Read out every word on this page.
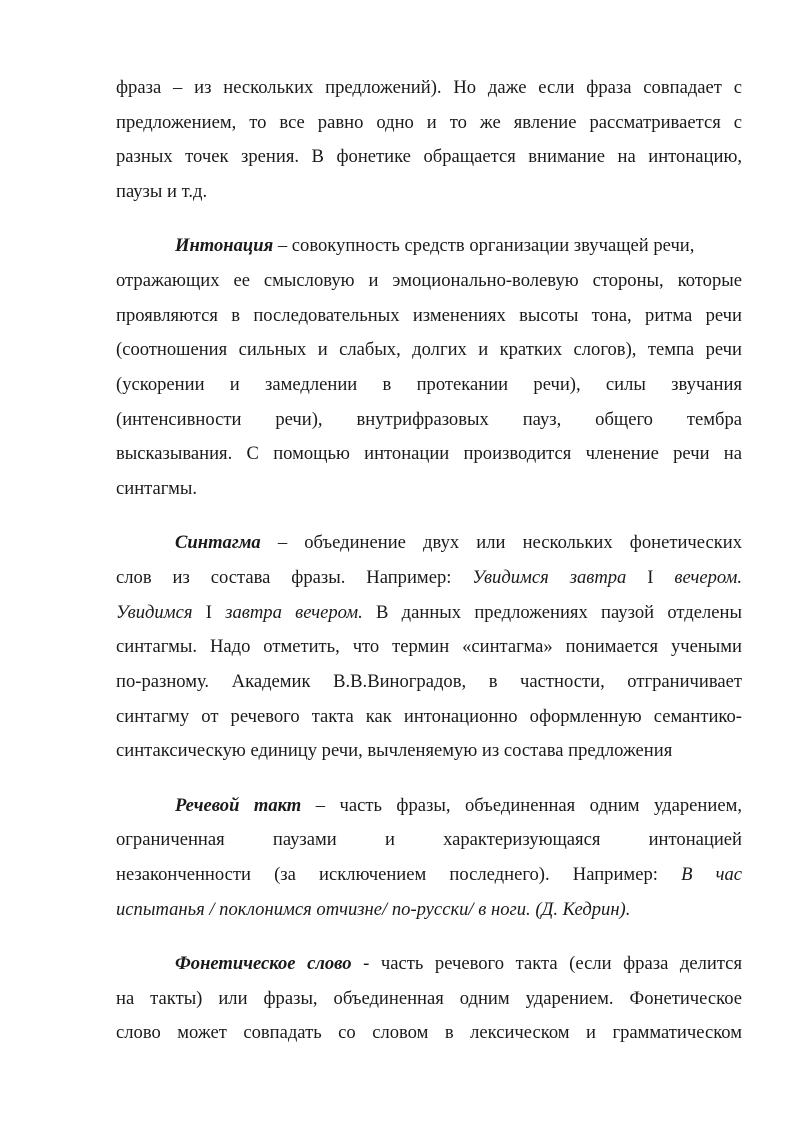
фраза – из нескольких предложений). Но даже если фраза совпадает с
предложением, то все равно одно и то же явление рассматривается с
разных точек зрения. В фонетике обращается внимание на интонацию,
паузы и т.д.
Интонация – совокупность средств организации звучащей речи,
отражающих ее смысловую и эмоционально-волевую стороны, которые
проявляются в последовательных изменениях высоты тона, ритма речи
(соотношения сильных и слабых, долгих и кратких слогов), темпа речи
(ускорении и замедлении в протекании речи), силы звучания
(интенсивности речи), внутрифразовых пауз, общего тембра
высказывания. С помощью интонации производится членение речи на
синтагмы.
Синтагма – объединение двух или нескольких фонетических
слов из состава фразы. Например: Увидимся завтра I вечером.
Увидимся I завтра вечером. В данных предложениях паузой отделены
синтагмы. Надо отметить, что термин «синтагма» понимается учеными
по-разному. Академик В.В.Виноградов, в частности, отграничивает
синтагму от речевого такта как интонационно оформленную семантико-
синтаксическую единицу речи, вычленяемую из состава предложения
Речевой такт – часть фразы, объединенная одним ударением,
ограниченная паузами и характеризующаяся интонацией
незаконченности (за исключением последнего). Например: В час
испытанья / поклонимся отчизне/ по-русски/ в ноги. (Д. Кедрин).
Фонетическое слово - часть речевого такта (если фраза делится
на такты) или фразы, объединенная одним ударением. Фонетическое
слово может совпадать со словом в лексическом и грамматическом
